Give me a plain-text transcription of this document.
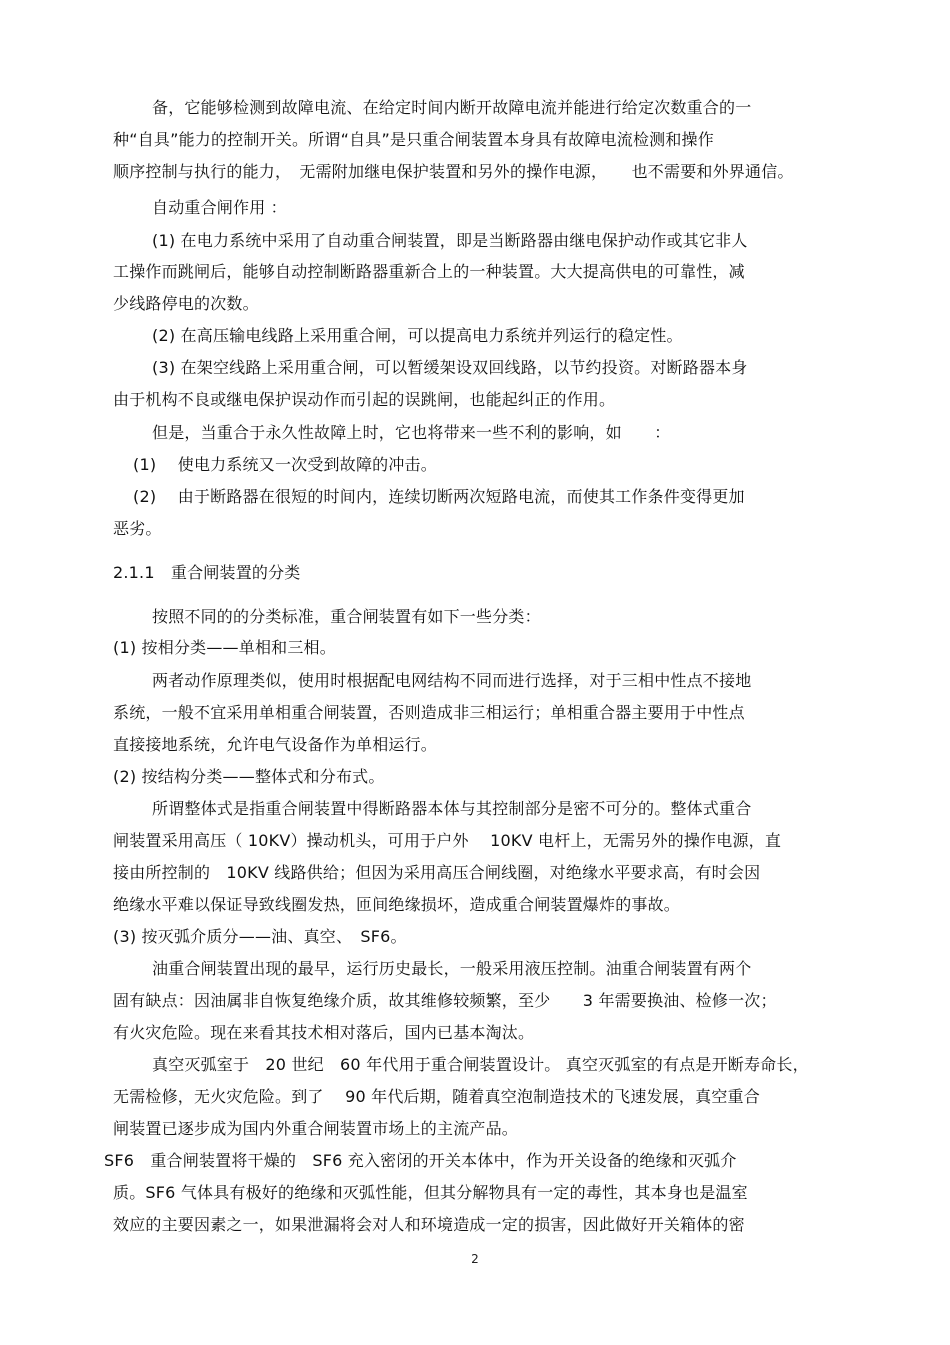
备，它能够检测到故障电流、在给定时间内断开故障电流并能进行给定次数重合的一
种“自具”能力的控制开关。所谓“自具”是只重合闸装置本身具有故障电流检测和操作
顺序控制与执行的能力，　无需附加继电保护装置和另外的操作电源，　　也不需要和外界通信。
自动重合闸作用 ：
(1) 在电力系统中采用了自动重合闸装置，即是当断路器由继电保护动作或其它非人
工操作而跳闸后，能够自动控制断路器重新合上的一种装置。大大提高供电的可靠性，减
少线路停电的次数。
(2) 在高压输电线路上采用重合闸，可以提高电力系统并列运行的稳定性。
(3) 在架空线路上采用重合闸，可以暂缓架设双回线路，以节约投资。对断路器本身
由于机构不良或继电保护误动作而引起的误跳闸，也能起纠正的作用。
但是，当重合于永久性故障上时，它也将带来一些不利的影响，如　　：
(1)　 使电力系统又一次受到故障的冲击。
(2)　 由于断路器在很短的时间内，连续切断两次短路电流，而使其工作条件变得更加
恶劣。
2.1.1　重合闸装置的分类
按照不同的的分类标准，重合闸装置有如下一些分类：
(1) 按相分类——单相和三相。
两者动作原理类似，使用时根据配电网结构不同而进行选择，对于三相中性点不接地
系统，一般不宜采用单相重合闸装置，否则造成非三相运行；单相重合器主要用于中性点
直接接地系统，允许电气设备作为单相运行。
(2) 按结构分类——整体式和分布式。
所谓整体式是指重合闸装置中得断路器本体与其控制部分是密不可分的。整体式重合
闸装置采用高压（ 10KV）操动机头，可用于户外　 10KV 电杆上，无需另外的操作电源，直
接由所控制的　10KV 线路供给；但因为采用高压合闸线圈，对绝缘水平要求高，有时会因
绝缘水平难以保证导致线圈发热，匝间绝缘损坏，造成重合闸装置爆炸的事故。
(3) 按灭弧介质分——油、真空、　SF6。
油重合闸装置出现的最早，运行历史最长，一般采用液压控制。油重合闸装置有两个
固有缺点：因油属非自恢复绝缘介质，故其维修较频繁，至少　　3 年需要换油、检修一次；
有火灾危险。现在来看其技术相对落后，国内已基本淘汰。
真空灭弧室于　20 世纪　60 年代用于重合闸装置设计。 真空灭弧室的有点是开断寿命长，
无需检修，无火灾危险。到了　 90 年代后期，随着真空泡制造技术的飞速发展，真空重合
闸装置已逐步成为国内外重合闸装置市场上的主流产品。
SF6　重合闸装置将干燥的　SF6 充入密闭的开关本体中，作为开关设备的绝缘和灭弧介
质。SF6 气体具有极好的绝缘和灭弧性能，但其分解物具有一定的毒性，其本身也是温室
效应的主要因素之一，如果泄漏将会对人和环境造成一定的损害，因此做好开关箱体的密
2
